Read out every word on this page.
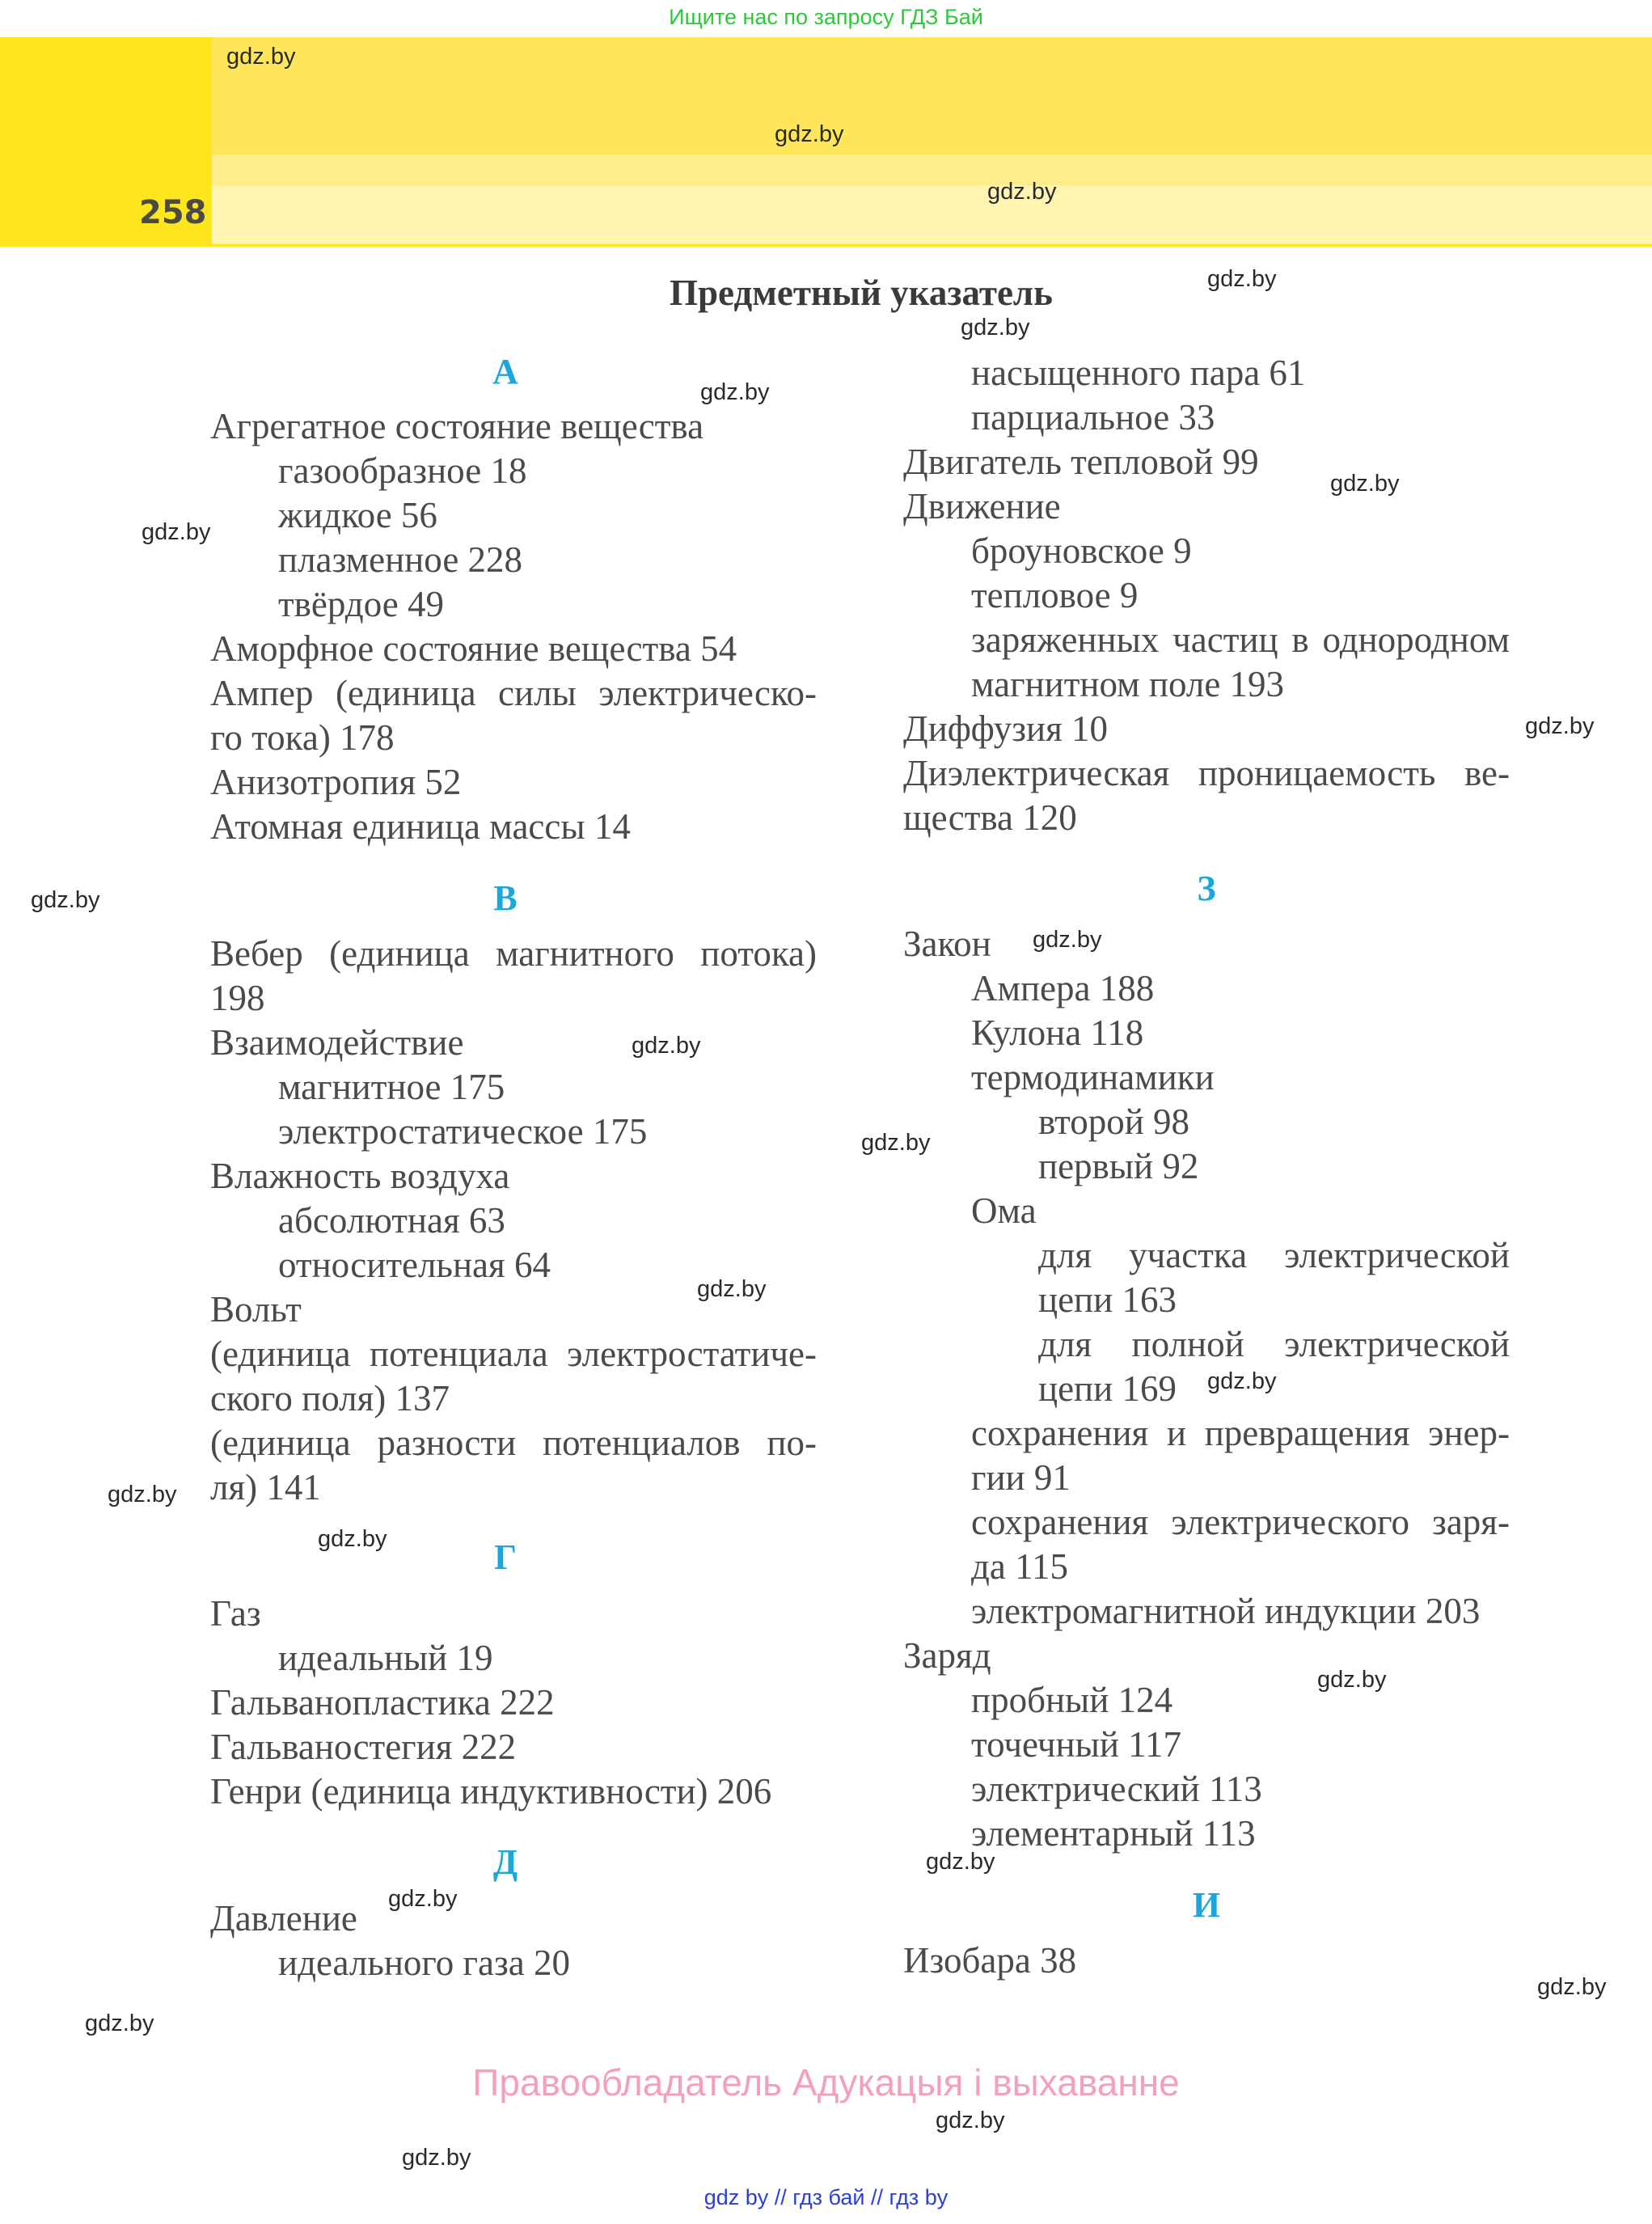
Ищите нас по запросу ГДЗ Бай
258
Предметный указатель
А
Агрегатное состояние вещества
газообразное 18
жидкое 56
плазменное 228
твёрдое 49
Аморфное состояние вещества 54
Ампер (единица силы электрическо-
го тока) 178
Анизотропия 52
Атомная единица массы 14
В
Вебер (единица магнитного потока)
198
Взаимодействие
магнитное 175
электростатическое 175
Влажность воздуха
абсолютная 63
относительная 64
Вольт
(единица потенциала электростатиче-
ского поля) 137
(единица разности потенциалов по-
ля) 141
Г
Газ
идеальный 19
Гальванопластика 222
Гальваностегия 222
Генри (единица индуктивности) 206
Д
Давление
идеального газа 20
насыщенного пара 61
парциальное 33
Двигатель тепловой 99
Движение
броуновское 9
тепловое 9
заряженных частиц в однородном
магнитном поле 193
Диффузия 10
Диэлектрическая проницаемость ве-
щества 120
З
Закон
Ампера 188
Кулона 118
термодинамики
второй 98
первый 92
Ома
для участка электрической
цепи 163
для полной электрической
цепи 169
сохранения и превращения энер-
гии 91
сохранения электрического заря-
да 115
электромагнитной индукции 203
Заряд
пробный 124
точечный 117
электрический 113
элементарный 113
И
Изобара 38
gdz.by
gdz.by
gdz.by
gdz.by
gdz.by
gdz.by
gdz.by
gdz.by
gdz.by
gdz.by
gdz.by
gdz.by
gdz.by
gdz.by
gdz.by
gdz.by
gdz.by
gdz.by
gdz.by
gdz.by
gdz.by
gdz.by
gdz.by
gdz.by
Правообладатель Адукацыя і выхаванне
gdz by // гдз бай // гдз by
